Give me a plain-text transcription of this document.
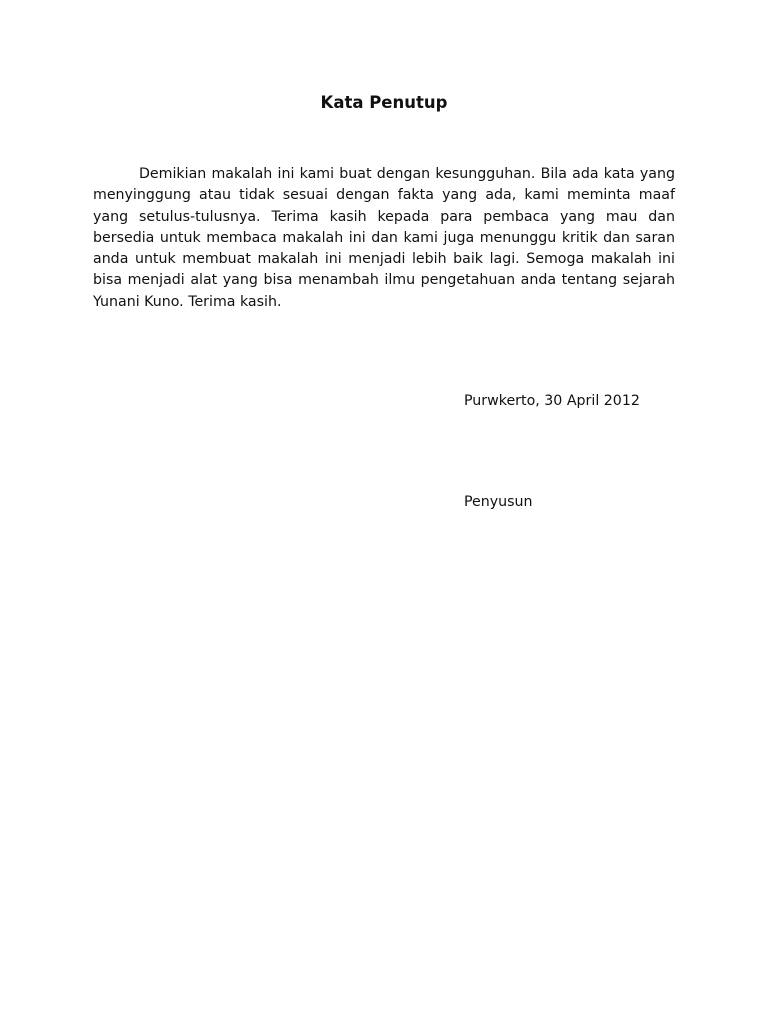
Kata Penutup

Demikian makalah ini kami buat dengan kesungguhan. Bila ada kata yang menyinggung atau tidak sesuai dengan fakta yang ada, kami meminta maaf yang setulus-tulusnya. Terima kasih kepada para pembaca yang mau dan bersedia untuk membaca makalah ini dan kami juga menunggu kritik dan saran anda untuk membuat makalah ini menjadi lebih baik lagi. Semoga makalah ini bisa menjadi alat yang bisa menambah ilmu pengetahuan anda tentang sejarah Yunani Kuno. Terima kasih.

Purwkerto, 30 April 2012

Penyusun
